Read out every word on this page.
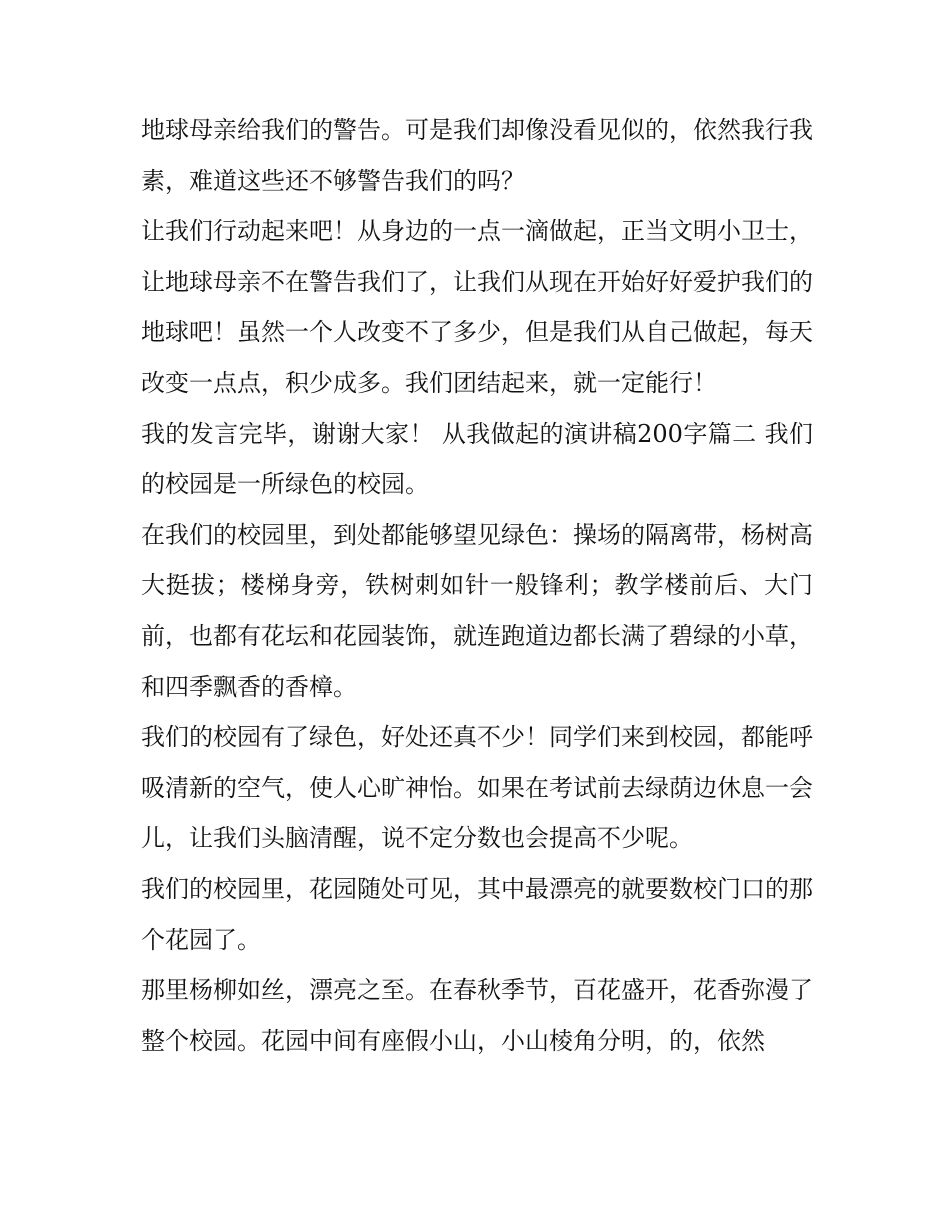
地球母亲给我们的警告。可是我们却像没看见似的，依然我行我素，难道这些还不够警告我们的吗？

让我们行动起来吧！从身边的一点一滴做起，正当文明小卫士，让地球母亲不在警告我们了，让我们从现在开始好好爱护我们的地球吧！虽然一个人改变不了多少，但是我们从自己做起，每天改变一点点，积少成多。我们团结起来，就一定能行！

我的发言完毕，谢谢大家！ 从我做起的演讲稿200字篇二 我们的校园是一所绿色的校园。

在我们的校园里，到处都能够望见绿色：操场的隔离带，杨树高大挺拔；楼梯身旁，铁树刺如针一般锋利；教学楼前后、大门前，也都有花坛和花园装饰，就连跑道边都长满了碧绿的小草，和四季飘香的香樟。

我们的校园有了绿色，好处还真不少！同学们来到校园，都能呼吸清新的空气，使人心旷神怡。如果在考试前去绿荫边休息一会儿，让我们头脑清醒，说不定分数也会提高不少呢。

我们的校园里，花园随处可见，其中最漂亮的就要数校门口的那个花园了。

那里杨柳如丝，漂亮之至。在春秋季节，百花盛开，花香弥漫了整个校园。花园中间有座假小山，小山棱角分明，的，依然
